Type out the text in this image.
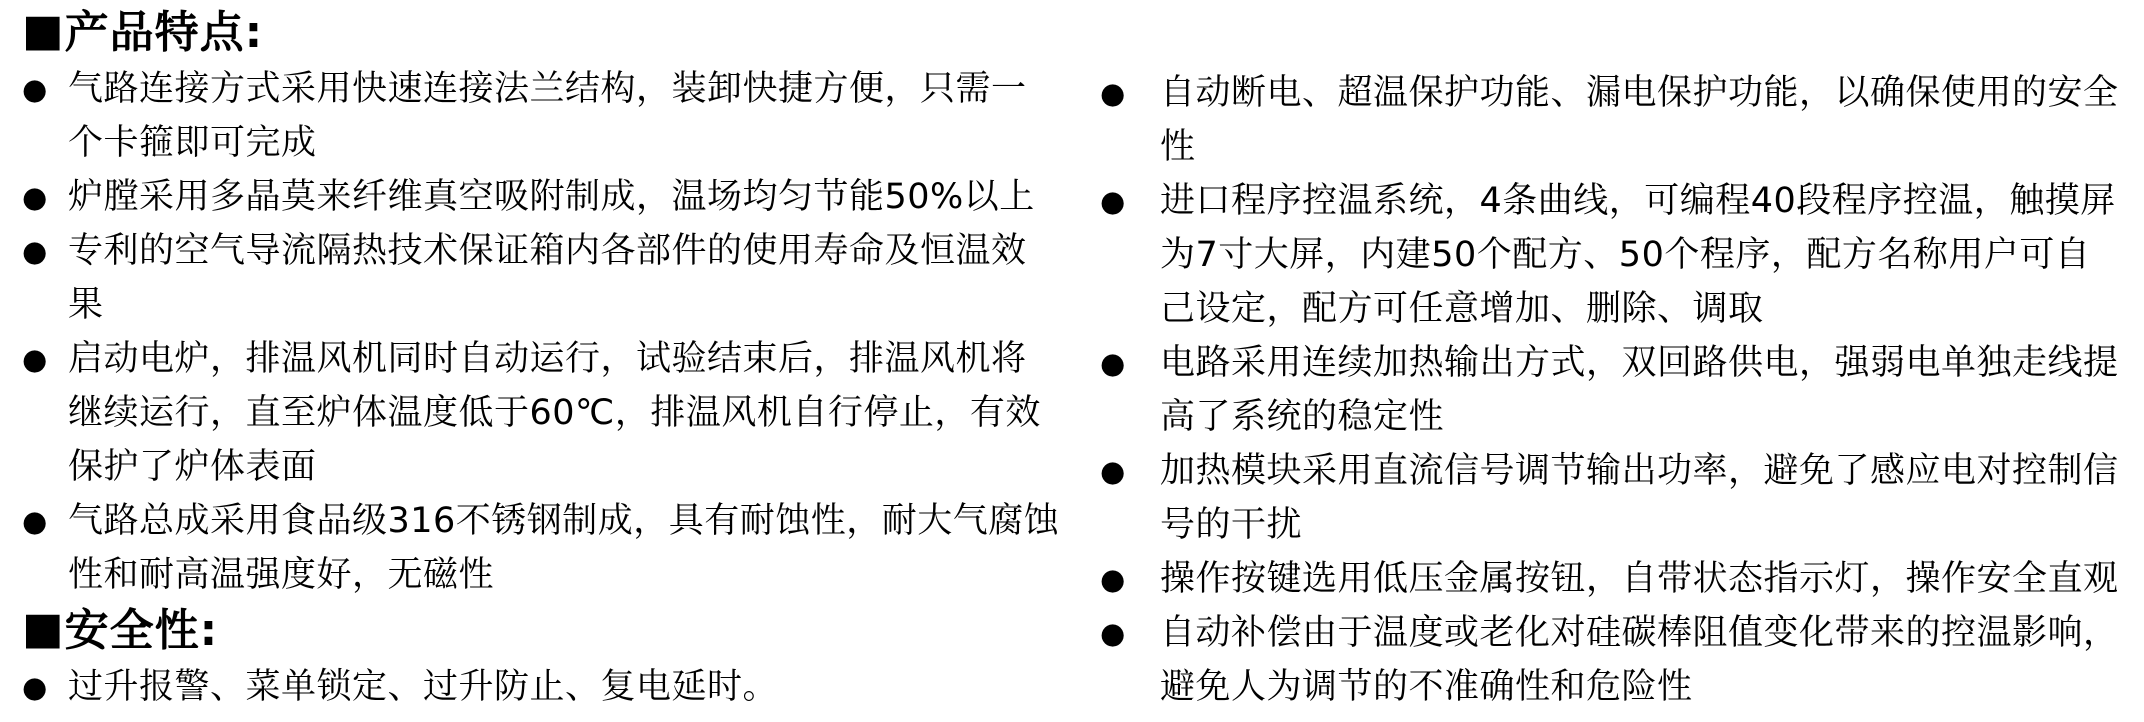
■产品特点:
● 气路连接方式采用快速连接法兰结构，装卸快捷方便，只需一个卡箍即可完成
● 炉膛采用多晶莫来纤维真空吸附制成，温场均匀节能50%以上
● 专利的空气导流隔热技术保证箱内各部件的使用寿命及恒温效果
● 启动电炉，排温风机同时自动运行，试验结束后，排温风机将继续运行，直至炉体温度低于60℃，排温风机自行停止，有效保护了炉体表面
● 气路总成采用食品级316不锈钢制成，具有耐蚀性，耐大气腐蚀性和耐高温强度好，无磁性
■安全性:
● 过升报警、菜单锁定、过升防止、复电延时。
● 自动断电、超温保护功能、漏电保护功能，以确保使用的安全性
● 进口程序控温系统，4条曲线，可编程40段程序控温，触摸屏为7寸大屏，内建50个配方、50个程序，配方名称用户可自己设定，配方可任意增加、删除、调取
● 电路采用连续加热输出方式，双回路供电，强弱电单独走线提高了系统的稳定性
● 加热模块采用直流信号调节输出功率，避免了感应电对控制信号的干扰
● 操作按键选用低压金属按钮，自带状态指示灯，操作安全直观
● 自动补偿由于温度或老化对硅碳棒阻值变化带来的控温影响，避免人为调节的不准确性和危险性
